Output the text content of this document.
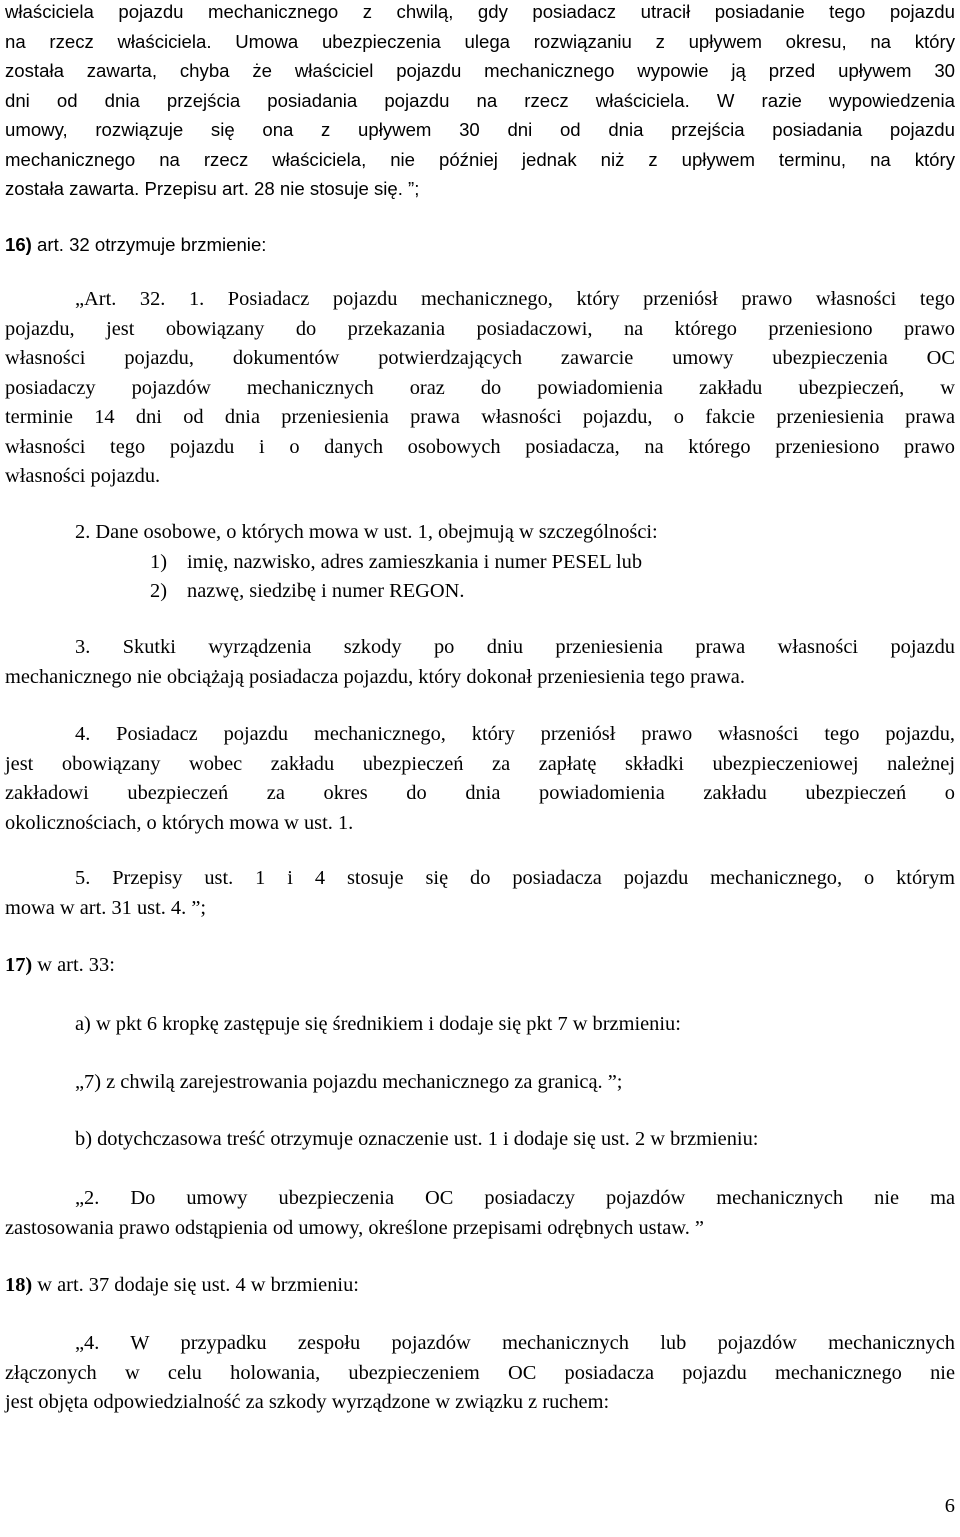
właściciela pojazdu mechanicznego z chwilą, gdy posiadacz utracił posiadanie tego pojazdu
na rzecz właściciela. Umowa ubezpieczenia ulega rozwiązaniu z upływem okresu, na który
została zawarta, chyba że właściciel pojazdu mechanicznego wypowie ją przed upływem 30
dni od dnia przejścia posiadania pojazdu na rzecz właściciela. W razie wypowiedzenia
umowy, rozwiązuje się ona z upływem 30 dni od dnia przejścia posiadania pojazdu
mechanicznego na rzecz właściciela, nie później jednak niż z upływem terminu, na który
została zawarta. Przepisu art. 28 nie stosuje się. ”;
16) art. 32 otrzymuje brzmienie:
„Art. 32. 1. Posiadacz pojazdu mechanicznego, który przeniósł prawo własności tego
pojazdu, jest obowiązany do przekazania posiadaczowi, na którego przeniesiono prawo
własności pojazdu, dokumentów potwierdzających zawarcie umowy ubezpieczenia OC
posiadaczy pojazdów mechanicznych oraz do powiadomienia zakładu ubezpieczeń, w
terminie 14 dni od dnia przeniesienia prawa własności pojazdu, o fakcie przeniesienia prawa
własności tego pojazdu i o danych osobowych posiadacza, na którego przeniesiono prawo
własności pojazdu.
2. Dane osobowe, o których mowa w ust. 1, obejmują w szczególności:
1) imię, nazwisko, adres zamieszkania i numer PESEL lub
2) nazwę, siedzibę i numer REGON.
3. Skutki wyrządzenia szkody po dniu przeniesienia prawa własności pojazdu
mechanicznego nie obciążają posiadacza pojazdu, który dokonał przeniesienia tego prawa.
4. Posiadacz pojazdu mechanicznego, który przeniósł prawo własności tego pojazdu,
jest obowiązany wobec zakładu ubezpieczeń za zapłatę składki ubezpieczeniowej należnej
zakładowi ubezpieczeń za okres do dnia powiadomienia zakładu ubezpieczeń o
okolicznościach, o których mowa w ust. 1.
5. Przepisy ust. 1 i 4 stosuje się do posiadacza pojazdu mechanicznego, o którym
mowa w art. 31 ust. 4. ”;
17) w art. 33:
a) w pkt 6 kropkę zastępuje się średnikiem i dodaje się pkt 7 w brzmieniu:
„7) z chwilą zarejestrowania pojazdu mechanicznego za granicą. ”;
b) dotychczasowa treść otrzymuje oznaczenie ust. 1 i dodaje się ust. 2 w brzmieniu:
„2. Do umowy ubezpieczenia OC posiadaczy pojazdów mechanicznych nie ma
zastosowania prawo odstąpienia od umowy, określone przepisami odrębnych ustaw. ”
18) w art. 37 dodaje się ust. 4 w brzmieniu:
„4. W przypadku zespołu pojazdów mechanicznych lub pojazdów mechanicznych
złączonych w celu holowania, ubezpieczeniem OC posiadacza pojazdu mechanicznego nie
jest objęta odpowiedzialność za szkody wyrządzone w związku z ruchem:
6
